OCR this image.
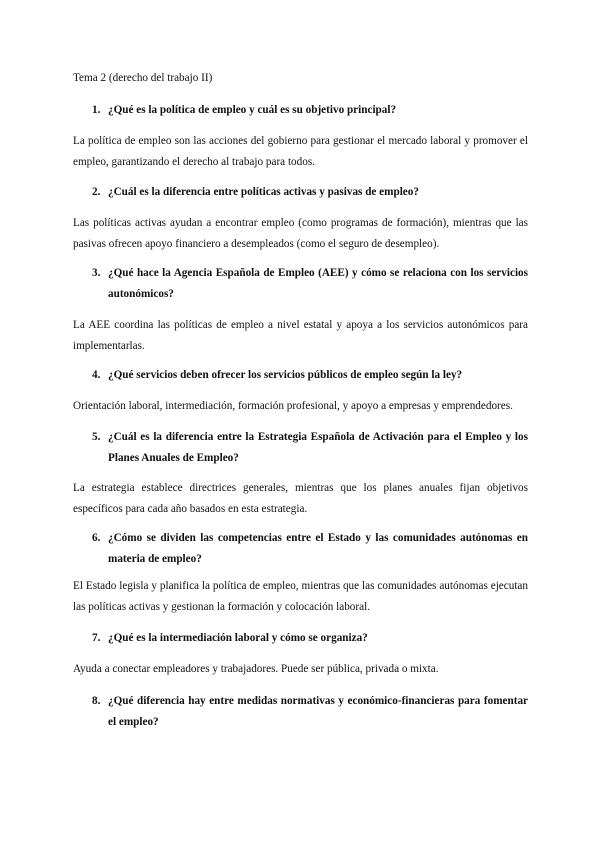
Tema 2 (derecho del trabajo II)
1. ¿Qué es la política de empleo y cuál es su objetivo principal?
La política de empleo son las acciones del gobierno para gestionar el mercado laboral y promover el empleo, garantizando el derecho al trabajo para todos.
2. ¿Cuál es la diferencia entre políticas activas y pasivas de empleo?
Las políticas activas ayudan a encontrar empleo (como programas de formación), mientras que las pasivas ofrecen apoyo financiero a desempleados (como el seguro de desempleo).
3. ¿Qué hace la Agencia Española de Empleo (AEE) y cómo se relaciona con los servicios autonómicos?
La AEE coordina las políticas de empleo a nivel estatal y apoya a los servicios autonómicos para implementarlas.
4. ¿Qué servicios deben ofrecer los servicios públicos de empleo según la ley?
Orientación laboral, intermediación, formación profesional, y apoyo a empresas y emprendedores.
5. ¿Cuál es la diferencia entre la Estrategia Española de Activación para el Empleo y los Planes Anuales de Empleo?
La estrategia establece directrices generales, mientras que los planes anuales fijan objetivos específicos para cada año basados en esta estrategia.
6. ¿Cómo se dividen las competencias entre el Estado y las comunidades autónomas en materia de empleo?
El Estado legisla y planifica la política de empleo, mientras que las comunidades autónomas ejecutan las políticas activas y gestionan la formación y colocación laboral.
7. ¿Qué es la intermediación laboral y cómo se organiza?
Ayuda a conectar empleadores y trabajadores. Puede ser pública, privada o mixta.
8. ¿Qué diferencia hay entre medidas normativas y económico-financieras para fomentar el empleo?
